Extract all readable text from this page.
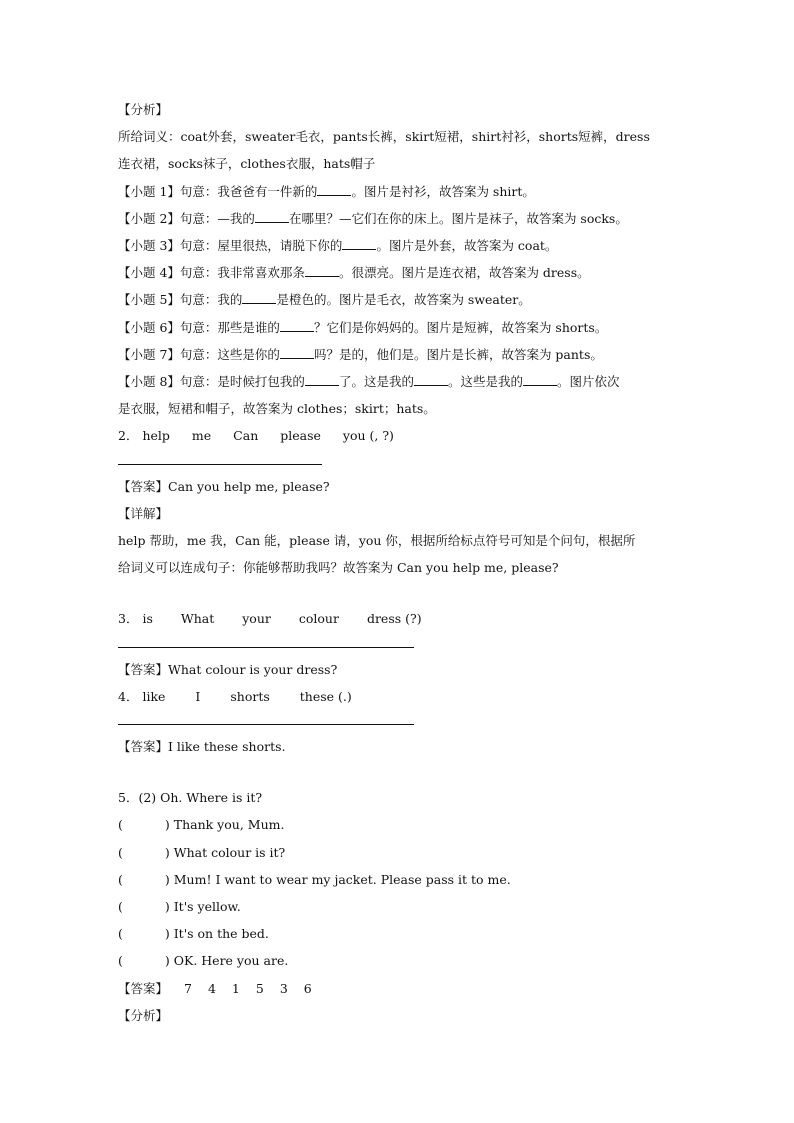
【分析】
所给词义：coat外套，sweater毛衣，pants长裤，skirt短裙，shirt衬衫，shorts短裤，dress
连衣裙，socks袜子，clothes衣服，hats帽子
【小题 1】句意：我爸爸有一件新的	。图片是衬衫，故答案为 shirt。
【小题 2】句意：—我的	在哪里？—它们在你的床上。图片是袜子，故答案为 socks。
【小题 3】句意：屋里很热，请脱下你的	。图片是外套，故答案为 coat。
【小题 4】句意：我非常喜欢那条	。很漂亮。图片是连衣裙，故答案为 dress。
【小题 5】句意：我的	是橙色的。图片是毛衣，故答案为 sweater。
【小题 6】句意：那些是谁的	？它们是你妈妈的。图片是短裤，故答案为 shorts。
【小题 7】句意：这些是你的	吗？是的，他们是。图片是长裤，故答案为 pants。
【小题 8】句意：是时候打包我的	了。这是我的	。这些是我的	。图片依次
是衣服，短裙和帽子，故答案为 clothes；skirt；hats。
2． help me Can please you (, ?)
【答案】Can you help me, please?
【详解】
help 帮助，me 我，Can 能，please 请，you 你，根据所给标点符号可知是个问句，根据所
给词义可以连成句子：你能够帮助我吗？故答案为 Can you help me, please?
3． is What your colour dress (?)
【答案】What colour is your dress?
4． like I shorts these (.)
【答案】I like these shorts.
5．(2) Oh. Where is it?
(	) Thank you, Mum.
(	) What colour is it?
(	) Mum! I want to wear my jacket. Please pass it to me.
(	) It's yellow.
(	) It's on the bed.
(	) OK. Here you are.
【答案】 7 4 1 5 3 6
【分析】
